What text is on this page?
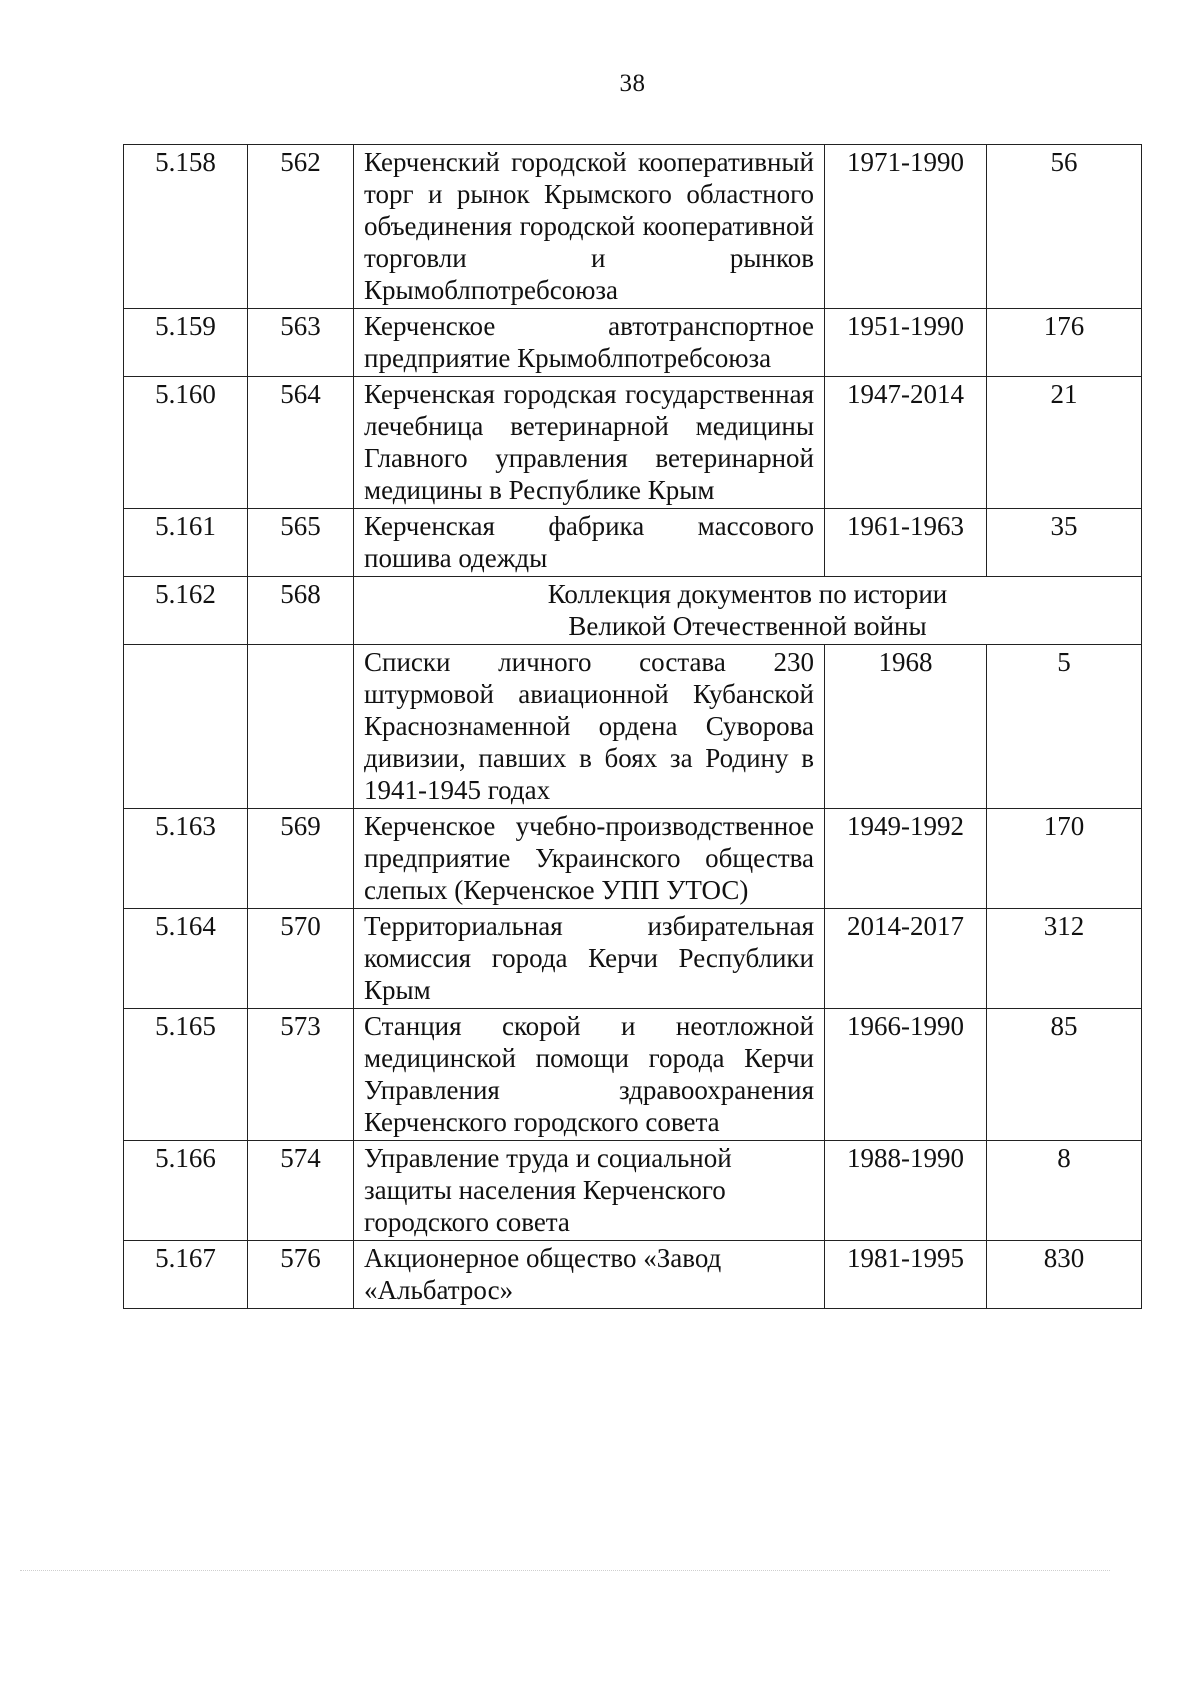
38
5.158	562	Керченский городской кооперативный торг и рынок Крымского областного объединения городской кооперативной торговли и рынков Крымоблпотребсоюза	1971-1990	56
5.159	563	Керченское автотранспортное предприятие Крымоблпотребсоюза	1951-1990	176
5.160	564	Керченская городская государственная лечебница ветеринарной медицины Главного управления ветеринарной медицины в Республике Крым	1947-2014	21
5.161	565	Керченская фабрика массового пошива одежды	1961-1963	35
5.162	568	Коллекция документов по истории
Великой Отечественной войны		

		Списки личного состава 230 штурмовой авиационной Кубанской Краснознаменной ордена Суворова дивизии, павших в боях за Родину в 1941-1945 годах	1968	5
5.163	569	Керченское учебно-производственное предприятие Украинского общества слепых (Керченское УПП УТОС)	1949-1992	170
5.164	570	Территориальная избирательная комиссия города Керчи Республики Крым	2014-2017	312
5.165	573	Станция скорой и неотложной медицинской помощи города Керчи Управления здравоохранения Керченского городского совета	1966-1990	85
5.166	574	Управление труда и социальной защиты населения Керченского городского совета	1988-1990	8
5.167	576	Акционерное общество «Завод «Альбатрос»	1981-1995	830
